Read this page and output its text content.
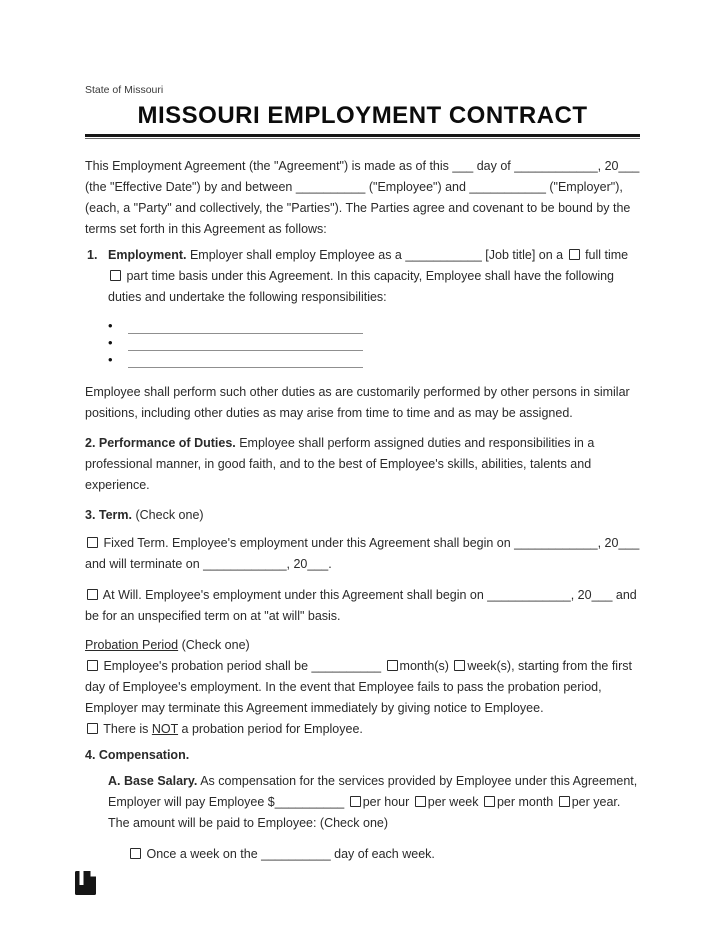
State of Missouri
MISSOURI EMPLOYMENT CONTRACT
This Employment Agreement (the "Agreement") is made as of this ___ day of ____________, 20___ (the "Effective Date") by and between __________ ("Employee") and ___________ ("Employer"), (each, a "Party" and collectively, the "Parties"). The Parties agree and covenant to be bound by the terms set forth in this Agreement as follows:
1. Employment. Employer shall employ Employee as a ___________ [Job title] on a  full time  part time basis under this Agreement. In this capacity, Employee shall have the following duties and undertake the following responsibilities:
•
•
•
Employee shall perform such other duties as are customarily performed by other persons in similar positions, including other duties as may arise from time to time and as may be assigned.
2. Performance of Duties. Employee shall perform assigned duties and responsibilities in a professional manner, in good faith, and to the best of Employee's skills, abilities, talents and experience.
3. Term. (Check one)
Fixed Term. Employee's employment under this Agreement shall begin on ____________, 20___ and will terminate on ____________, 20___.
At Will. Employee's employment under this Agreement shall begin on ____________, 20___ and be for an unspecified term on at "at will" basis.
Probation Period (Check one)
Employee's probation period shall be __________ month(s) week(s), starting from the first day of Employee's employment. In the event that Employee fails to pass the probation period, Employer may terminate this Agreement immediately by giving notice to Employee.
There is NOT a probation period for Employee.
4. Compensation.
A. Base Salary. As compensation for the services provided by Employee under this Agreement, Employer will pay Employee $__________ per hour per week per month per year. The amount will be paid to Employee: (Check one)
Once a week on the __________ day of each week.
